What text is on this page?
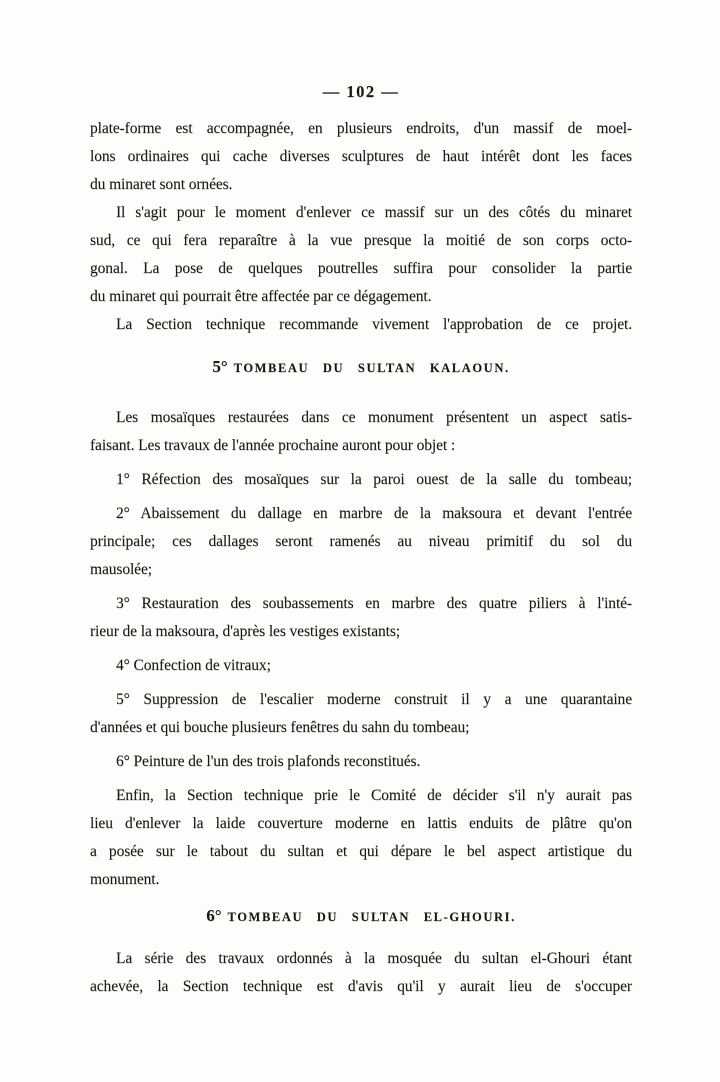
— 102 —
plate-forme est accompagnée, en plusieurs endroits, d'un massif de moel-
lons ordinaires qui cache diverses sculptures de haut intérêt dont les faces
du minaret sont ornées.
Il s'agit pour le moment d'enlever ce massif sur un des côtés du minaret
sud, ce qui fera reparaître à la vue presque la moitié de son corps octo-
gonal. La pose de quelques poutrelles suffira pour consolider la partie
du minaret qui pourrait être affectée par ce dégagement.
La Section technique recommande vivement l'approbation de ce projet.
5° TOMBEAU DU SULTAN KALAOUN.
Les mosaïques restaurées dans ce monument présentent un aspect satis-
faisant. Les travaux de l'année prochaine auront pour objet :
1° Réfection des mosaïques sur la paroi ouest de la salle du tombeau;
2° Abaissement du dallage en marbre de la maksoura et devant l'entrée
principale; ces dallages seront ramenés au niveau primitif du sol du
mausolée;
3° Restauration des soubassements en marbre des quatre piliers à l'inté-
rieur de la maksoura, d'après les vestiges existants;
4° Confection de vitraux;
5° Suppression de l'escalier moderne construit il y a une quarantaine
d'années et qui bouche plusieurs fenêtres du sahn du tombeau;
6° Peinture de l'un des trois plafonds reconstitués.
Enfin, la Section technique prie le Comité de décider s'il n'y aurait pas
lieu d'enlever la laide couverture moderne en lattis enduits de plâtre qu'on
a posée sur le tabout du sultan et qui dépare le bel aspect artistique du
monument.
6° TOMBEAU DU SULTAN EL-GHOURI.
La série des travaux ordonnés à la mosquée du sultan el-Ghouri étant
achevée, la Section technique est d'avis qu'il y aurait lieu de s'occuper
